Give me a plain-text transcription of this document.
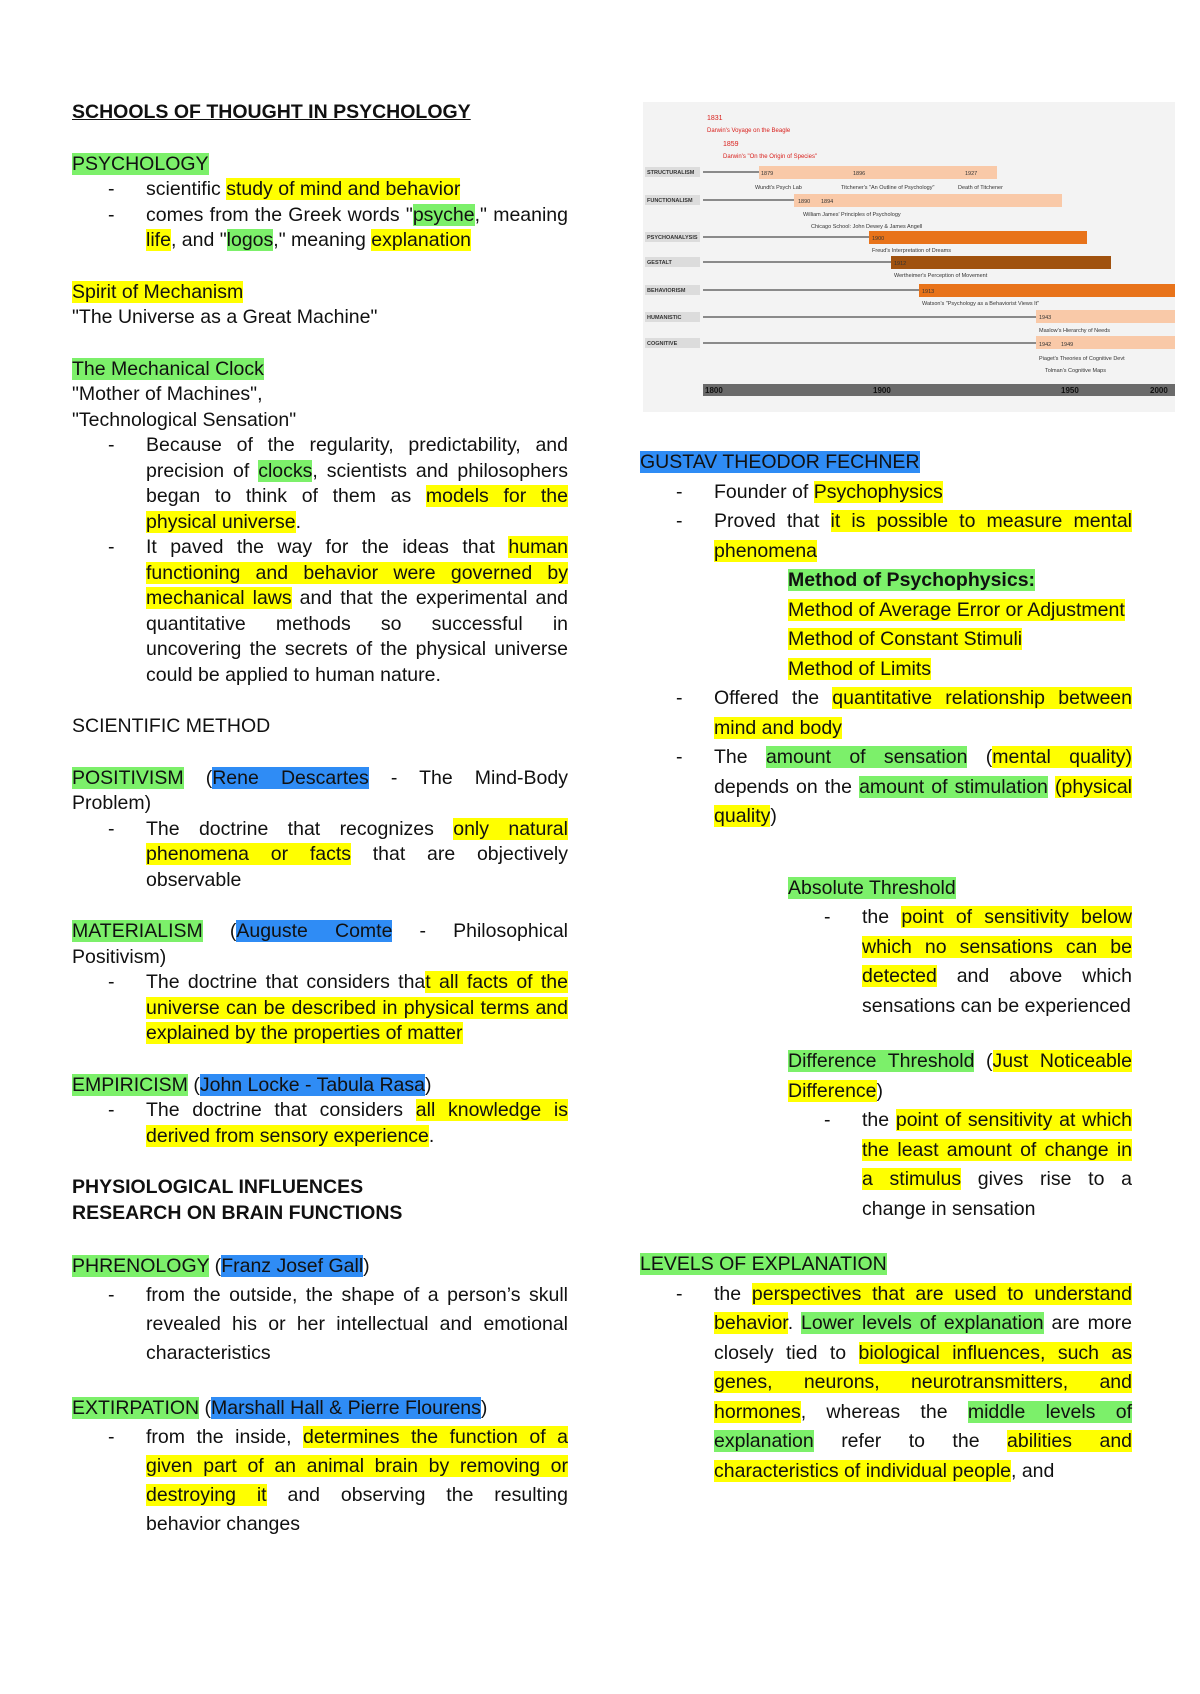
1831
Darwin's Voyage on the Beagle
1859
Darwin's "On the Origin of Species"
STRUCTURALISM
FUNCTIONALISM
PSYCHOANALYSIS
GESTALT
BEHAVIORISM
HUMANISTIC
COGNITIVE
1879	1896	1927
Wundt's Psych Lab	Titchener's "An Outline of Psychology"	Death of Titchener
1890 1894
William James' Principles of Psychology
Chicago School: John Dewey & James Angell
1900
Freud's Interpretation of Dreams
1912
Wertheimer's Perception of Movement
1913
Watson's "Psychology as a Behaviorist Views It"
1943
Maslow's Hierarchy of Needs
1942 1949
Piaget's Theories of Cognitive Devt
Tolman's Cognitive Maps
1800	1900	1950	2000

SCHOOLS OF THOUGHT IN PSYCHOLOGY

PSYCHOLOGY
- scientific study of mind and behavior
- comes from the Greek words "psyche," meaning life, and "logos," meaning explanation
Spirit of Mechanism
"The Universe as a Great Machine"
The Mechanical Clock
"Mother of Machines",
"Technological Sensation"
- Because of the regularity, predictability, and precision of clocks, scientists and philosophers began to think of them as models for the physical universe.
- It paved the way for the ideas that human functioning and behavior were governed by mechanical laws and that the experimental and quantitative methods so successful in uncovering the secrets of the physical universe could be applied to human nature.
SCIENTIFIC METHOD
POSITIVISM (Rene Descartes - The Mind-Body Problem)
- The doctrine that recognizes only natural phenomena or facts that are objectively observable
MATERIALISM (Auguste Comte - Philosophical Positivism)
- The doctrine that considers that all facts of the universe can be described in physical terms and explained by the properties of matter
EMPIRICISM (John Locke - Tabula Rasa)
- The doctrine that considers all knowledge is derived from sensory experience.
PHYSIOLOGICAL INFLUENCES
RESEARCH ON BRAIN FUNCTIONS
PHRENOLOGY (Franz Josef Gall)
- from the outside, the shape of a person’s skull revealed his or her intellectual and emotional characteristics
EXTIRPATION (Marshall Hall & Pierre Flourens)
- from the inside, determines the function of a given part of an animal brain by removing or destroying it and observing the resulting behavior changes
GUSTAV THEODOR FECHNER
- Founder of Psychophysics
- Proved that it is possible to measure mental phenomena
Method of Psychophysics:
Method of Average Error or Adjustment
Method of Constant Stimuli
Method of Limits
- Offered the quantitative relationship between mind and body
- The amount of sensation (mental quality) depends on the amount of stimulation (physical quality)
Absolute Threshold
- the point of sensitivity below which no sensations can be detected and above which sensations can be experienced
Difference Threshold (Just Noticeable Difference)
- the point of sensitivity at which the least amount of change in a stimulus gives rise to a change in sensation
LEVELS OF EXPLANATION
- the perspectives that are used to understand behavior. Lower levels of explanation are more closely tied to biological influences, such as genes, neurons, neurotransmitters, and hormones, whereas the middle levels of explanation refer to the abilities and characteristics of individual people, and
